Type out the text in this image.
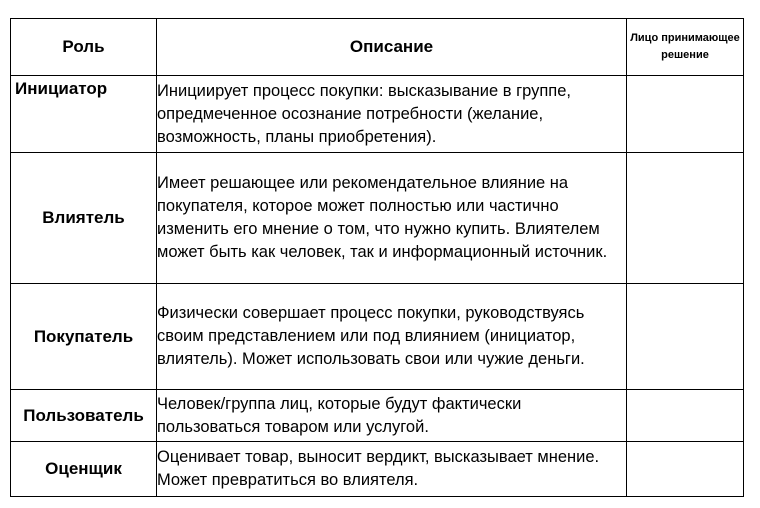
Роль	Описание	Лицо принимающее решение
Инициатор	Инициирует процесс покупки: высказывание в группе, опредмеченное осознание потребности (желание, возможность, планы приобретения).	
Влиятель	Имеет решающее или рекомендательное влияние на покупателя, которое может полностью или частично изменить его мнение о том, что нужно купить. Влиятелем может быть как человек, так и информационный источник.	
Покупатель	Физически совершает процесс покупки, руководствуясь своим представлением или под влиянием (инициатор, влиятель). Может использовать свои или чужие деньги.	
Пользователь	Человек/группа лиц, которые будут фактически пользоваться товаром или услугой.	
Оценщик	Оценивает товар, выносит вердикт, высказывает мнение. Может превратиться во влиятеля.	
